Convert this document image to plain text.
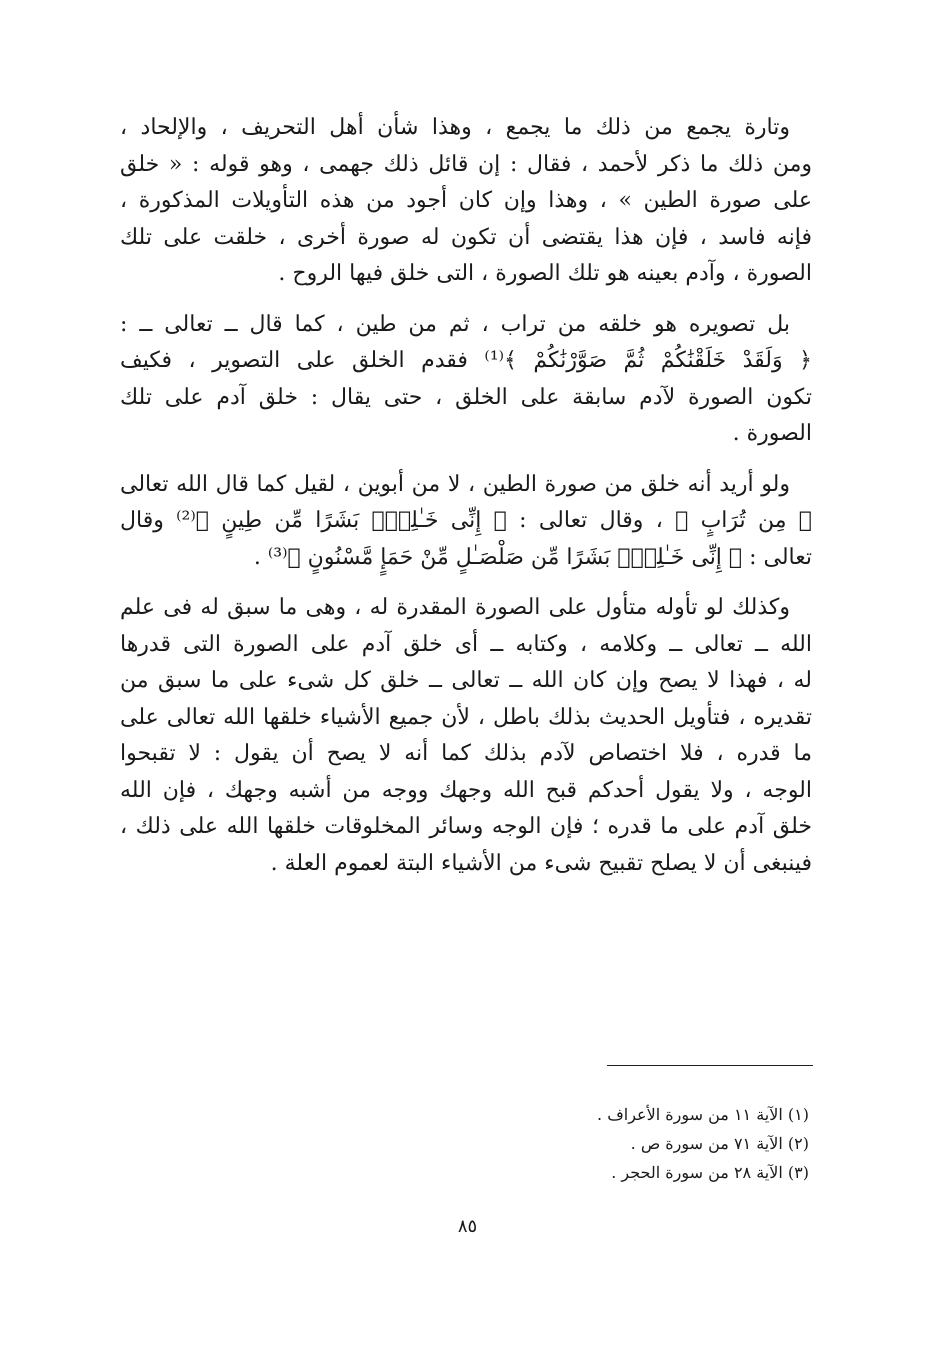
وتارة يجمع من ذلك ما يجمع ، وهذا شأن أهل التحريف ، والإلحاد ،
ومن ذلك ما ذكر لأحمد ، فقال : إن قائل ذلك جهمى ، وهو قوله : « خلق
على صورة الطين » ، وهذا وإن كان أجود من هذه التأويلات المذكورة ،
فإنه فاسد ، فإن هذا يقتضى أن تكون له صورة أخرى ، خلقت على تلك
الصورة ، وآدم بعينه هو تلك الصورة ، التى خلق فيها الروح .
بل تصويره هو خلقه من تراب ، ثم من طين ، كما قال ــ تعالى ــ :
﴿ وَلَقَدْ خَلَقْنَٰكُمْ ثُمَّ صَوَّرْنَٰكُمْ ﴾⁽¹⁾ فقدم الخلق على التصوير ، فكيف
تكون الصورة لآدم سابقة على الخلق ، حتى يقال : خلق آدم على تلك
الصورة .
ولو أريد أنه خلق من صورة الطين ، لا من أبوين ، لقيل كما قال الله تعالى
﴿ مِن تُرَابٍ ﴾ ، وقال تعالى : ﴿ إِنِّى خَـٰلِقٌۢ بَشَرًا مِّن طِينٍ ﴾⁽²⁾ وقال
تعالى : ﴿ إِنِّى خَـٰلِقٌۢ بَشَرًا مِّن صَلْصَـٰلٍ مِّنْ حَمَإٍ مَّسْنُونٍ ﴾⁽³⁾ .
وكذلك لو تأوله متأول على الصورة المقدرة له ، وهى ما سبق له فى علم
الله ــ تعالى ــ وكلامه ، وكتابه ــ أى خلق آدم على الصورة التى قدرها
له ، فهذا لا يصح وإن كان الله ــ تعالى ــ خلق كل شىء على ما سبق من
تقديره ، فتأويل الحديث بذلك باطل ، لأن جميع الأشياء خلقها الله تعالى على
ما قدره ، فلا اختصاص لآدم بذلك كما أنه لا يصح أن يقول : لا تقبحوا
الوجه ، ولا يقول أحدكم قبح الله وجهك ووجه من أشبه وجهك ، فإن الله
خلق آدم على ما قدره ؛ فإن الوجه وسائر المخلوقات خلقها الله على ذلك ،
فينبغى أن لا يصلح تقبيح شىء من الأشياء البتة لعموم العلة .
(١) الآية ١١ من سورة الأعراف .
(٢) الآية ٧١ من سورة ص .
(٣) الآية ٢٨ من سورة الحجر .
٨٥
